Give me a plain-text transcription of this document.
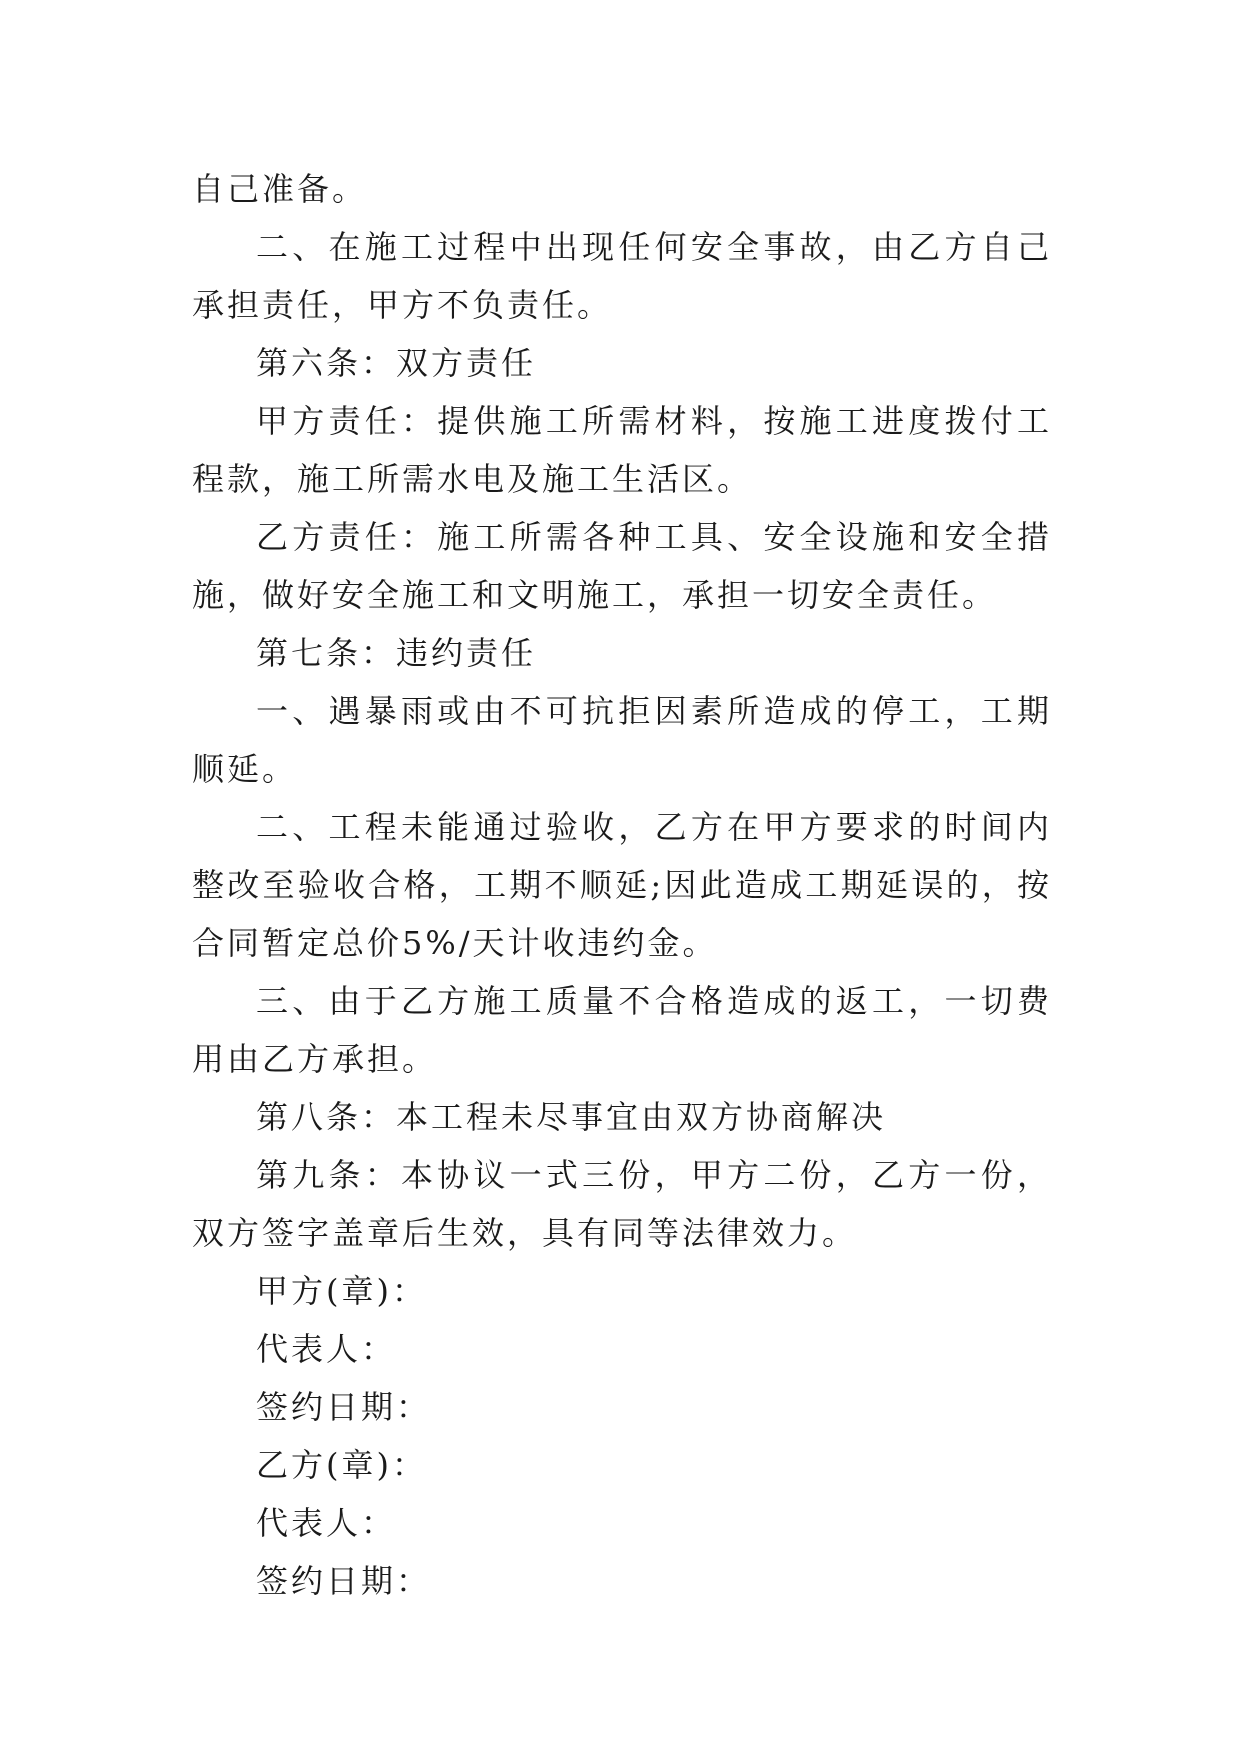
自己准备。

二、在施工过程中出现任何安全事故，由乙方自己承担责任，甲方不负责任。

第六条：双方责任

甲方责任：提供施工所需材料，按施工进度拨付工程款，施工所需水电及施工生活区。

乙方责任：施工所需各种工具、安全设施和安全措施，做好安全施工和文明施工，承担一切安全责任。

第七条：违约责任

一、遇暴雨或由不可抗拒因素所造成的停工，工期顺延。

二、工程未能通过验收，乙方在甲方要求的时间内整改至验收合格，工期不顺延;因此造成工期延误的，按合同暂定总价5%/天计收违约金。

三、由于乙方施工质量不合格造成的返工，一切费用由乙方承担。

第八条：本工程未尽事宜由双方协商解决

第九条：本协议一式三份，甲方二份，乙方一份，双方签字盖章后生效，具有同等法律效力。

甲方(章)：

代表人：

签约日期：

乙方(章)：

代表人：

签约日期：
